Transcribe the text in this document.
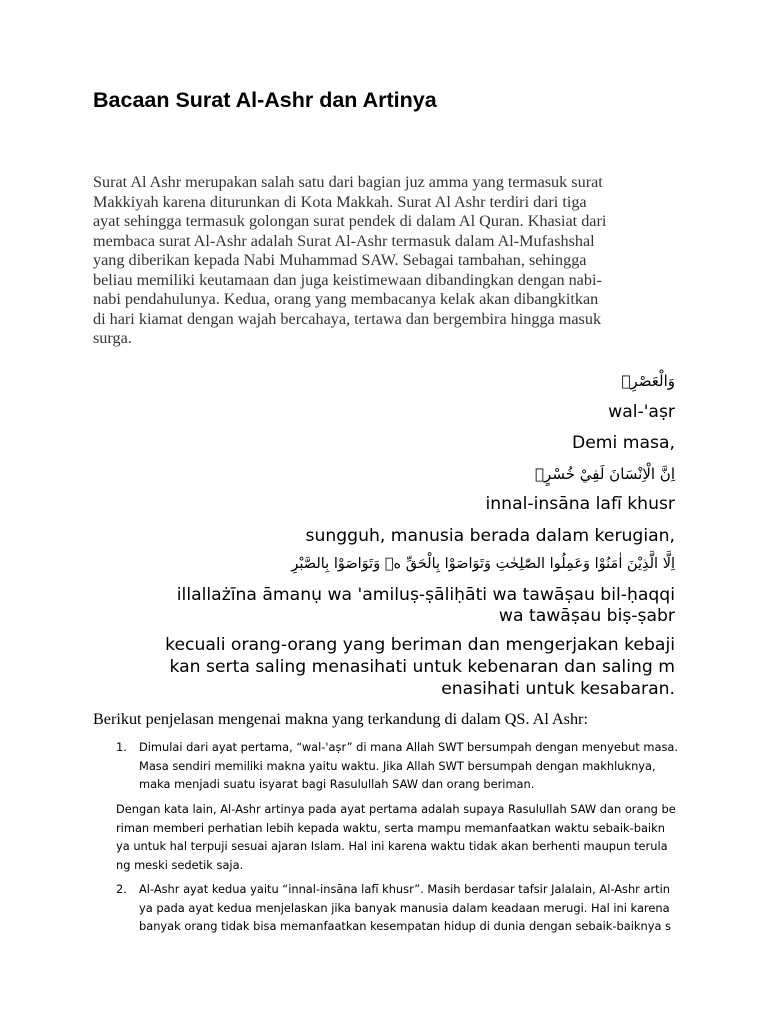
Bacaan Surat Al-Ashr dan Artinya

Surat Al Ashr merupakan salah satu dari bagian juz amma yang termasuk surat
Makkiyah karena diturunkan di Kota Makkah. Surat Al Ashr terdiri dari tiga
ayat sehingga termasuk golongan surat pendek di dalam Al Quran. Khasiat dari
membaca surat Al-Ashr adalah Surat Al-Ashr termasuk dalam Al-Mufashshal
yang diberikan kepada Nabi Muhammad SAW. Sebagai tambahan, sehingga
beliau memiliki keutamaan dan juga keistimewaan dibandingkan dengan nabi-
nabi pendahulunya. Kedua, orang yang membacanya kelak akan dibangkitkan
di hari kiamat dengan wajah bercahaya, tertawa dan bergembira hingga masuk
surga.

وَالْعَصْرِۙ

wal-'aṣr

Demi masa,

اِنَّ الْاِنْسَانَ لَفِيْ خُسْرٍۙ

innal-insāna lafī khusr

sungguh, manusia berada dalam kerugian,

اِلَّا الَّذِيْنَ اٰمَنُوْا وَعَمِلُوا الصّٰلِحٰتِ وَتَوَاصَوْا بِالْحَقِّ ەۙ وَتَوَاصَوْا بِالصَّبْرِ

illallażīna āmanụ wa 'amiluṣ-ṣāliḥāti wa tawāṣau bil-ḥaqqi

wa tawāṣau biṣ-ṣabr

kecuali orang-orang yang beriman dan mengerjakan kebaji

kan serta saling menasihati untuk kebenaran dan saling m

enasihati untuk kesabaran.

Berikut penjelasan mengenai makna yang terkandung di dalam QS. Al Ashr:

1. Dimulai dari ayat pertama, “wal-'aṣr” di mana Allah SWT bersumpah dengan menyebut masa.
Masa sendiri memiliki makna yaitu waktu. Jika Allah SWT bersumpah dengan makhluknya,
maka menjadi suatu isyarat bagi Rasulullah SAW dan orang beriman.
Dengan kata lain, Al-Ashr artinya pada ayat pertama adalah supaya Rasulullah SAW dan orang be
riman memberi perhatian lebih kepada waktu, serta mampu memanfaatkan waktu sebaik-baikn
ya untuk hal terpuji sesuai ajaran Islam. Hal ini karena waktu tidak akan berhenti maupun terula
ng meski sedetik saja.
2. Al-Ashr ayat kedua yaitu “innal-insāna lafī khusr”. Masih berdasar tafsir Jalalain, Al-Ashr artin
ya pada ayat kedua menjelaskan jika banyak manusia dalam keadaan merugi. Hal ini karena
banyak orang tidak bisa memanfaatkan kesempatan hidup di dunia dengan sebaik-baiknya s
